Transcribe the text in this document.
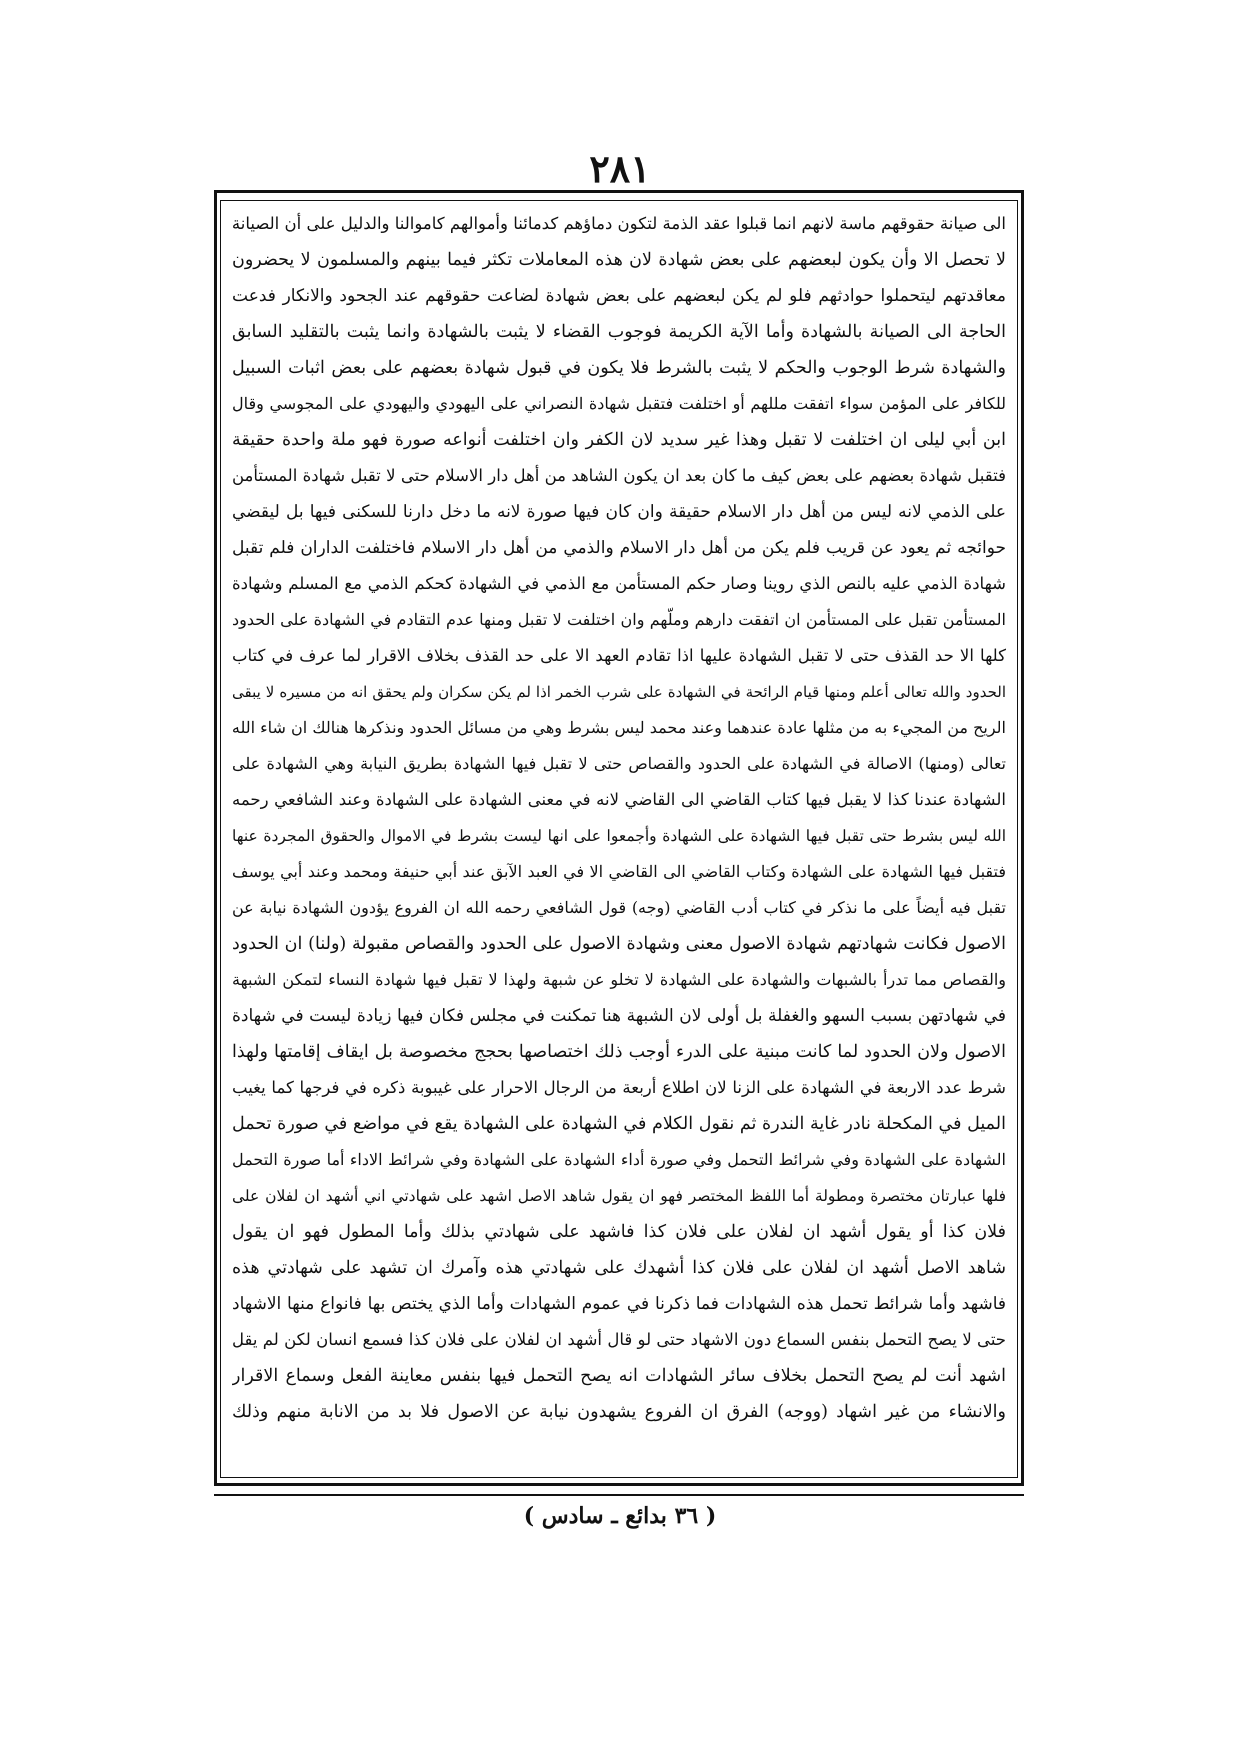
٢٨١
الى صيانة حقوقهم ماسة لانهم انما قبلوا عقد الذمة لتكون دماؤهم كدمائنا وأموالهم كاموالنا والدليل على أن الصيانة
لا تحصل الا وأن يكون لبعضهم على بعض شهادة لان هذه المعاملات تكثر فيما بينهم والمسلمون لا يحضرون
معاقدتهم ليتحملوا حوادثهم فلو لم يكن لبعضهم على بعض شهادة لضاعت حقوقهم عند الجحود والانكار فدعت
الحاجة الى الصيانة بالشهادة وأما الآية الكريمة فوجوب القضاء لا يثبت بالشهادة وانما يثبت بالتقليد السابق
والشهادة شرط الوجوب والحكم لا يثبت بالشرط فلا يكون في قبول شهادة بعضهم على بعض اثبات السبيل
للكافر على المؤمن سواء اتفقت مللهم أو اختلفت فتقبل شهادة النصراني على اليهودي واليهودي على المجوسي وقال
ابن أبي ليلى ان اختلفت لا تقبل وهذا غير سديد لان الكفر وان اختلفت أنواعه صورة فهو ملة واحدة حقيقة
فتقبل شهادة بعضهم على بعض كيف ما كان بعد ان يكون الشاهد من أهل دار الاسلام حتى لا تقبل شهادة المستأمن
على الذمي لانه ليس من أهل دار الاسلام حقيقة وان كان فيها صورة لانه ما دخل دارنا للسكنى فيها بل ليقضي
حوائجه ثم يعود عن قريب فلم يكن من أهل دار الاسلام والذمي من أهل دار الاسلام فاختلفت الداران فلم تقبل
شهادة الذمي عليه بالنص الذي روينا وصار حكم المستأمن مع الذمي في الشهادة كحكم الذمي مع المسلم وشهادة
المستأمن تقبل على المستأمن ان اتفقت دارهم وملّهم وان اختلفت لا تقبل ومنها عدم التقادم في الشهادة على الحدود
كلها الا حد القذف حتى لا تقبل الشهادة عليها اذا تقادم العهد الا على حد القذف بخلاف الاقرار لما عرف في كتاب
الحدود والله تعالى أعلم ومنها قيام الرائحة في الشهادة على شرب الخمر اذا لم يكن سكران ولم يحقق انه من مسيره لا يبقى
الريح من المجيء به من مثلها عادة عندهما وعند محمد ليس بشرط وهي من مسائل الحدود ونذكرها هنالك ان شاء الله
تعالى (ومنها) الاصالة في الشهادة على الحدود والقصاص حتى لا تقبل فيها الشهادة بطريق النيابة وهي الشهادة على
الشهادة عندنا كذا لا يقبل فيها كتاب القاضي الى القاضي لانه في معنى الشهادة على الشهادة وعند الشافعي رحمه
الله ليس بشرط حتى تقبل فيها الشهادة على الشهادة وأجمعوا على انها ليست بشرط في الاموال والحقوق المجردة عنها
فتقبل فيها الشهادة على الشهادة وكتاب القاضي الى القاضي الا في العبد الآبق عند أبي حنيفة ومحمد وعند أبي يوسف
تقبل فيه أيضاً على ما نذكر في كتاب أدب القاضي (وجه) قول الشافعي رحمه الله ان الفروع يؤدون الشهادة نيابة عن
الاصول فكانت شهادتهم شهادة الاصول معنى وشهادة الاصول على الحدود والقصاص مقبولة (ولنا) ان الحدود
والقصاص مما تدرأ بالشبهات والشهادة على الشهادة لا تخلو عن شبهة ولهذا لا تقبل فيها شهادة النساء لتمكن الشبهة
في شهادتهن بسبب السهو والغفلة بل أولى لان الشبهة هنا تمكنت في مجلس فكان فيها زيادة ليست في شهادة
الاصول ولان الحدود لما كانت مبنية على الدرء أوجب ذلك اختصاصها بحجج مخصوصة بل ايقاف إقامتها ولهذا
شرط عدد الاربعة في الشهادة على الزنا لان اطلاع أربعة من الرجال الاحرار على غيبوبة ذكره في فرجها كما يغيب
الميل في المكحلة نادر غاية الندرة ثم نقول الكلام في الشهادة على الشهادة يقع في مواضع في صورة تحمل
الشهادة على الشهادة وفي شرائط التحمل وفي صورة أداء الشهادة على الشهادة وفي شرائط الاداء أما صورة التحمل
فلها عبارتان مختصرة ومطولة أما اللفظ المختصر فهو ان يقول شاهد الاصل اشهد على شهادتي اني أشهد ان لفلان على
فلان كذا أو يقول أشهد ان لفلان على فلان كذا فاشهد على شهادتي بذلك وأما المطول فهو ان يقول
شاهد الاصل أشهد ان لفلان على فلان كذا أشهدك على شهادتي هذه وآمرك ان تشهد على شهادتي هذه
فاشهد وأما شرائط تحمل هذه الشهادات فما ذكرنا في عموم الشهادات وأما الذي يختص بها فانواع منها الاشهاد
حتى لا يصح التحمل بنفس السماع دون الاشهاد حتى لو قال أشهد ان لفلان على فلان كذا فسمع انسان لكن لم يقل
اشهد أنت لم يصح التحمل بخلاف سائر الشهادات انه يصح التحمل فيها بنفس معاينة الفعل وسماع الاقرار
والانشاء من غير اشهاد (ووجه) الفرق ان الفروع يشهدون نيابة عن الاصول فلا بد من الانابة منهم وذلك
( ٣٦ بدائع ـ سادس )
